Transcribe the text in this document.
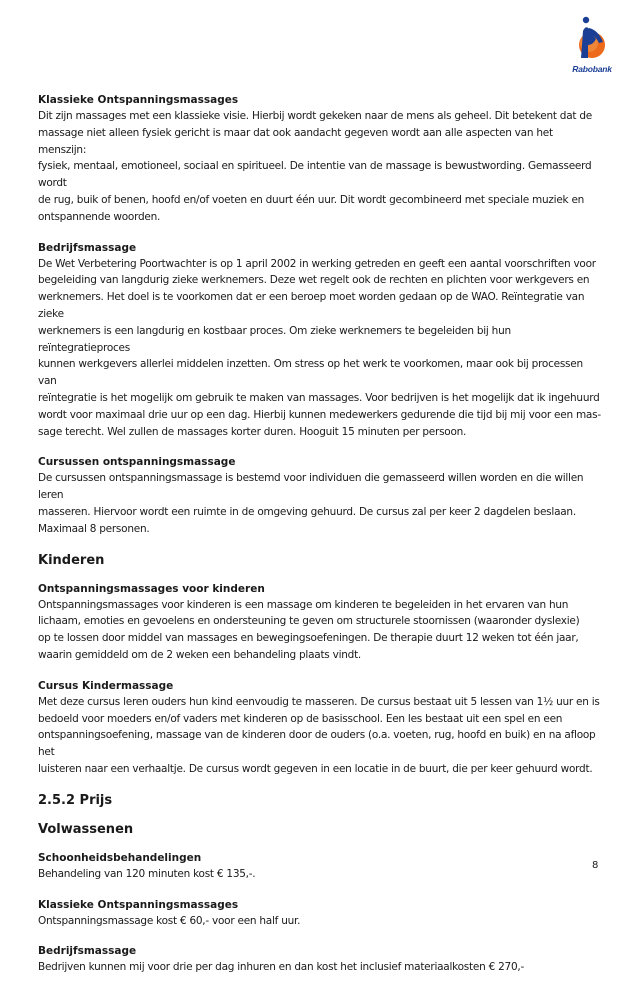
Rabobank

Klassieke Ontspanningsmassages

Dit zijn massages met een klassieke visie. Hierbij wordt gekeken naar de mens als geheel. Dit betekent dat de

massage niet alleen fysiek gericht is maar dat ook aandacht gegeven wordt aan alle aspecten van het menszijn:

fysiek, mentaal, emotioneel, sociaal en spiritueel. De intentie van de massage is bewustwording. Gemasseerd wordt

de rug, buik of benen, hoofd en/of voeten en duurt één uur. Dit wordt gecombineerd met speciale muziek en

ontspannende woorden.

Bedrijfsmassage

De Wet Verbetering Poortwachter is op 1 april 2002 in werking getreden en geeft een aantal voorschriften voor

begeleiding van langdurig zieke werknemers. Deze wet regelt ook de rechten en plichten voor werkgevers en

werknemers. Het doel is te voorkomen dat er een beroep moet worden gedaan op de WAO. Reïntegratie van zieke

werknemers is een langdurig en kostbaar proces. Om zieke werknemers te begeleiden bij hun reïntegratieproces

kunnen werkgevers allerlei middelen inzetten. Om stress op het werk te voorkomen, maar ook bij processen van

reïntegratie is het mogelijk om gebruik te maken van massages. Voor bedrijven is het mogelijk dat ik ingehuurd

wordt voor maximaal drie uur op een dag. Hierbij kunnen medewerkers gedurende die tijd bij mij voor een mas-

sage terecht. Wel zullen de massages korter duren. Hooguit 15 minuten per persoon.

Cursussen ontspanningsmassage

De cursussen ontspanningsmassage is bestemd voor individuen die gemasseerd willen worden en die willen leren

masseren. Hiervoor wordt een ruimte in de omgeving gehuurd. De cursus zal per keer 2 dagdelen beslaan.

Maximaal 8 personen.

Kinderen

Ontspanningsmassages voor kinderen

Ontspanningsmassages voor kinderen is een massage om kinderen te begeleiden in het ervaren van hun

lichaam, emoties en gevoelens en ondersteuning te geven om structurele stoornissen (waaronder dyslexie)

op te lossen door middel van massages en bewegingsoefeningen. De therapie duurt 12 weken tot één jaar,

waarin gemiddeld om de 2 weken een behandeling plaats vindt.

Cursus Kindermassage

Met deze cursus leren ouders hun kind eenvoudig te masseren. De cursus bestaat uit 5 lessen van 1½ uur en is

bedoeld voor moeders en/of vaders met kinderen op de basisschool. Een les bestaat uit een spel en een

ontspanningsoefening, massage van de kinderen door de ouders (o.a. voeten, rug, hoofd en buik) en na afloop het

luisteren naar een verhaaltje. De cursus wordt gegeven in een locatie in de buurt, die per keer gehuurd wordt.

2.5.2 Prijs
Volwassenen

Schoonheidsbehandelingen

Behandeling van 120 minuten kost € 135,-.

Klassieke Ontspanningsmassages

Ontspanningsmassage kost € 60,- voor een half uur.

Bedrijfsmassage

Bedrijven kunnen mij voor drie per dag inhuren en dan kost het inclusief materiaalkosten € 270,-

8
